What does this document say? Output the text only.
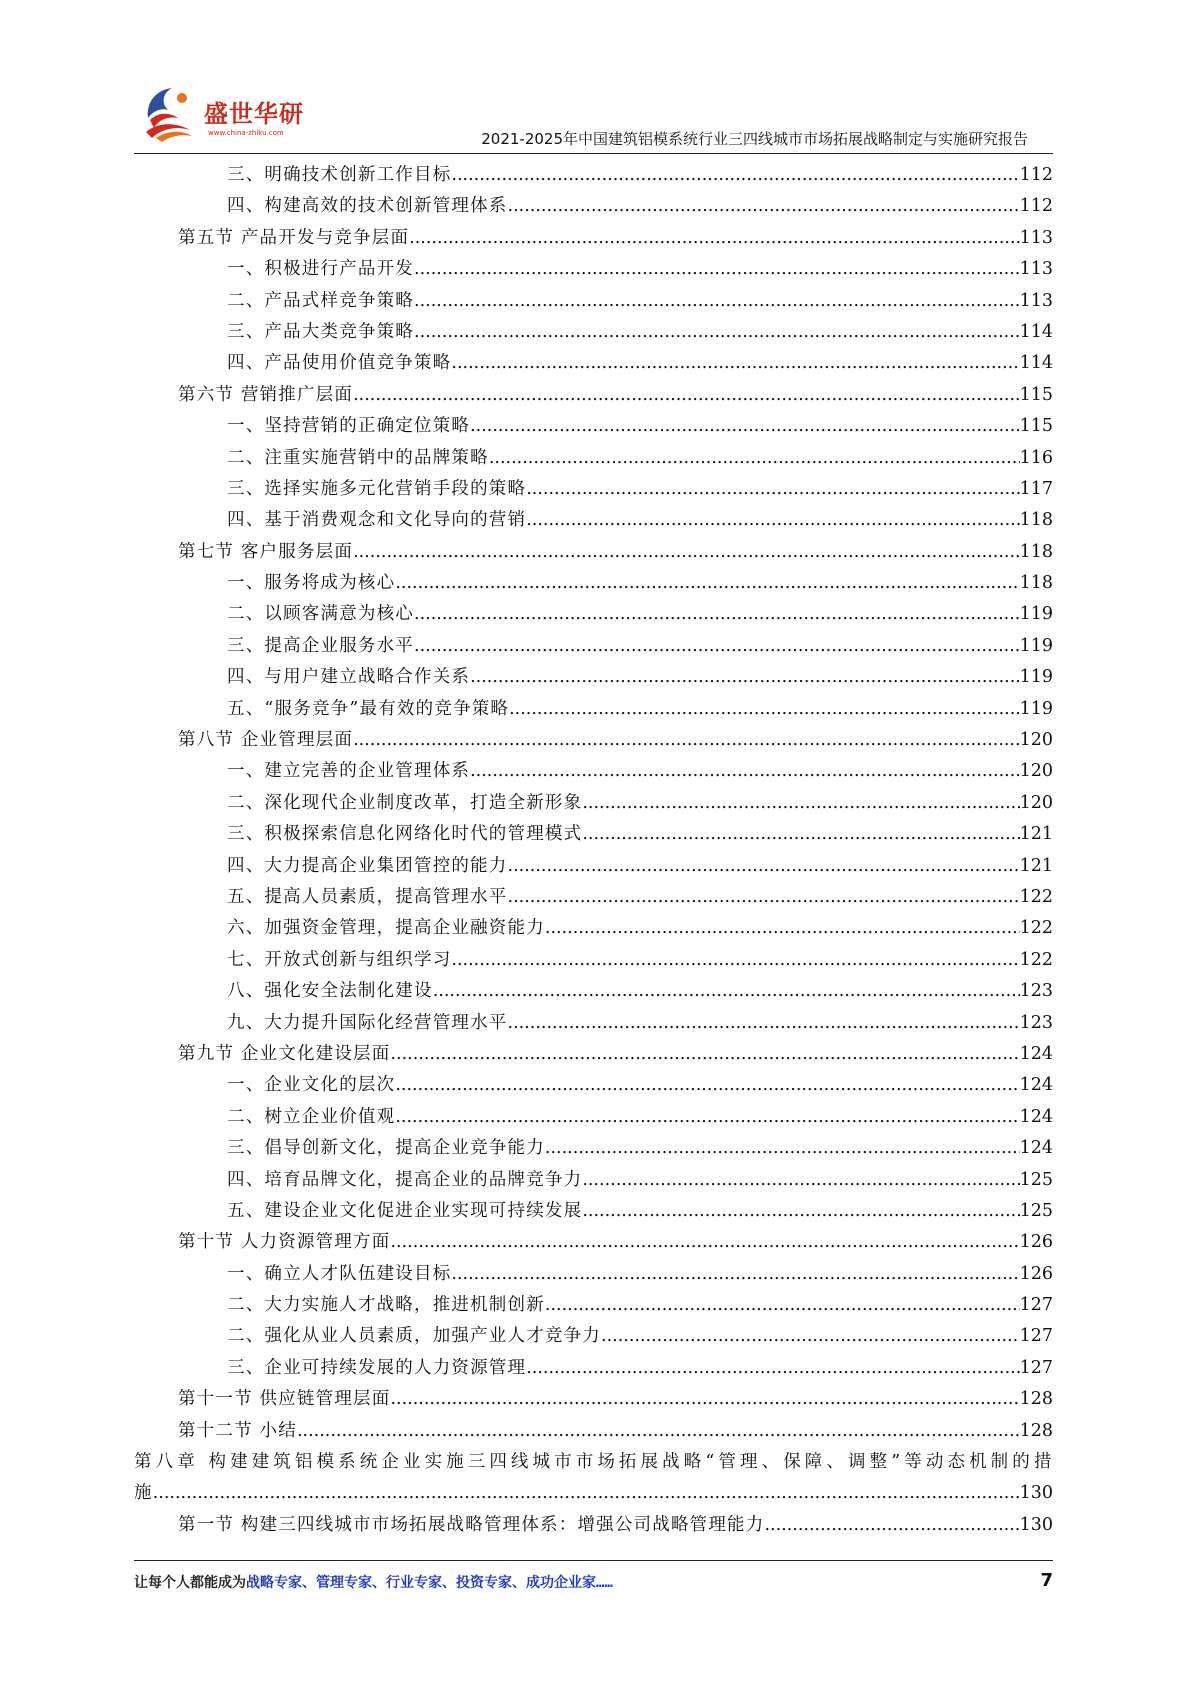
盛世华研
www.china-zhiku.com	2021-2025年中国建筑铝模系统行业三四线城市市场拓展战略制定与实施研究报告
三、明确技术创新工作目标 .....	112
四、构建高效的技术创新管理体系 .....	112
第五节 产品开发与竞争层面 .....	113
一、积极进行产品开发 .....	113
二、产品式样竞争策略 .....	113
三、产品大类竞争策略 .....	114
四、产品使用价值竞争策略 .....	114
第六节 营销推广层面 .....	115
一、坚持营销的正确定位策略 .....	115
二、注重实施营销中的品牌策略 .....	116
三、选择实施多元化营销手段的策略 .....	117
四、基于消费观念和文化导向的营销 .....	118
第七节 客户服务层面 .....	118
一、服务将成为核心 .....	118
二、以顾客满意为核心 .....	119
三、提高企业服务水平 .....	119
四、与用户建立战略合作关系 .....	119
五、“服务竞争”最有效的竞争策略 .....	119
第八节 企业管理层面 .....	120
一、建立完善的企业管理体系 .....	120
二、深化现代企业制度改革，打造全新形象 .....	120
三、积极探索信息化网络化时代的管理模式 .....	121
四、大力提高企业集团管控的能力 .....	121
五、提高人员素质，提高管理水平 .....	122
六、加强资金管理，提高企业融资能力 .....	122
七、开放式创新与组织学习 .....	122
八、强化安全法制化建设 .....	123
九、大力提升国际化经营管理水平 .....	123
第九节 企业文化建设层面 .....	124
一、企业文化的层次 .....	124
二、树立企业价值观 .....	124
三、倡导创新文化，提高企业竞争能力 .....	124
四、培育品牌文化，提高企业的品牌竞争力 .....	125
五、建设企业文化促进企业实现可持续发展 .....	125
第十节 人力资源管理方面 .....	126
一、确立人才队伍建设目标 .....	126
二、大力实施人才战略，推进机制创新 .....	127
二、强化从业人员素质，加强产业人才竞争力 .....	127
三、企业可持续发展的人力资源管理 .....	127
第十一节 供应链管理层面 .....	128
第十二节 小结 .....	128
第八章 构建建筑铝模系统企业实施三四线城市市场拓展战略“管理、保障、调整”等动态机制的措
施 .....	130
第一节 构建三四线城市市场拓展战略管理体系：增强公司战略管理能力 .....	130
让每个人都能成为战略专家、管理专家、行业专家、投资专家、成功企业家……	7
